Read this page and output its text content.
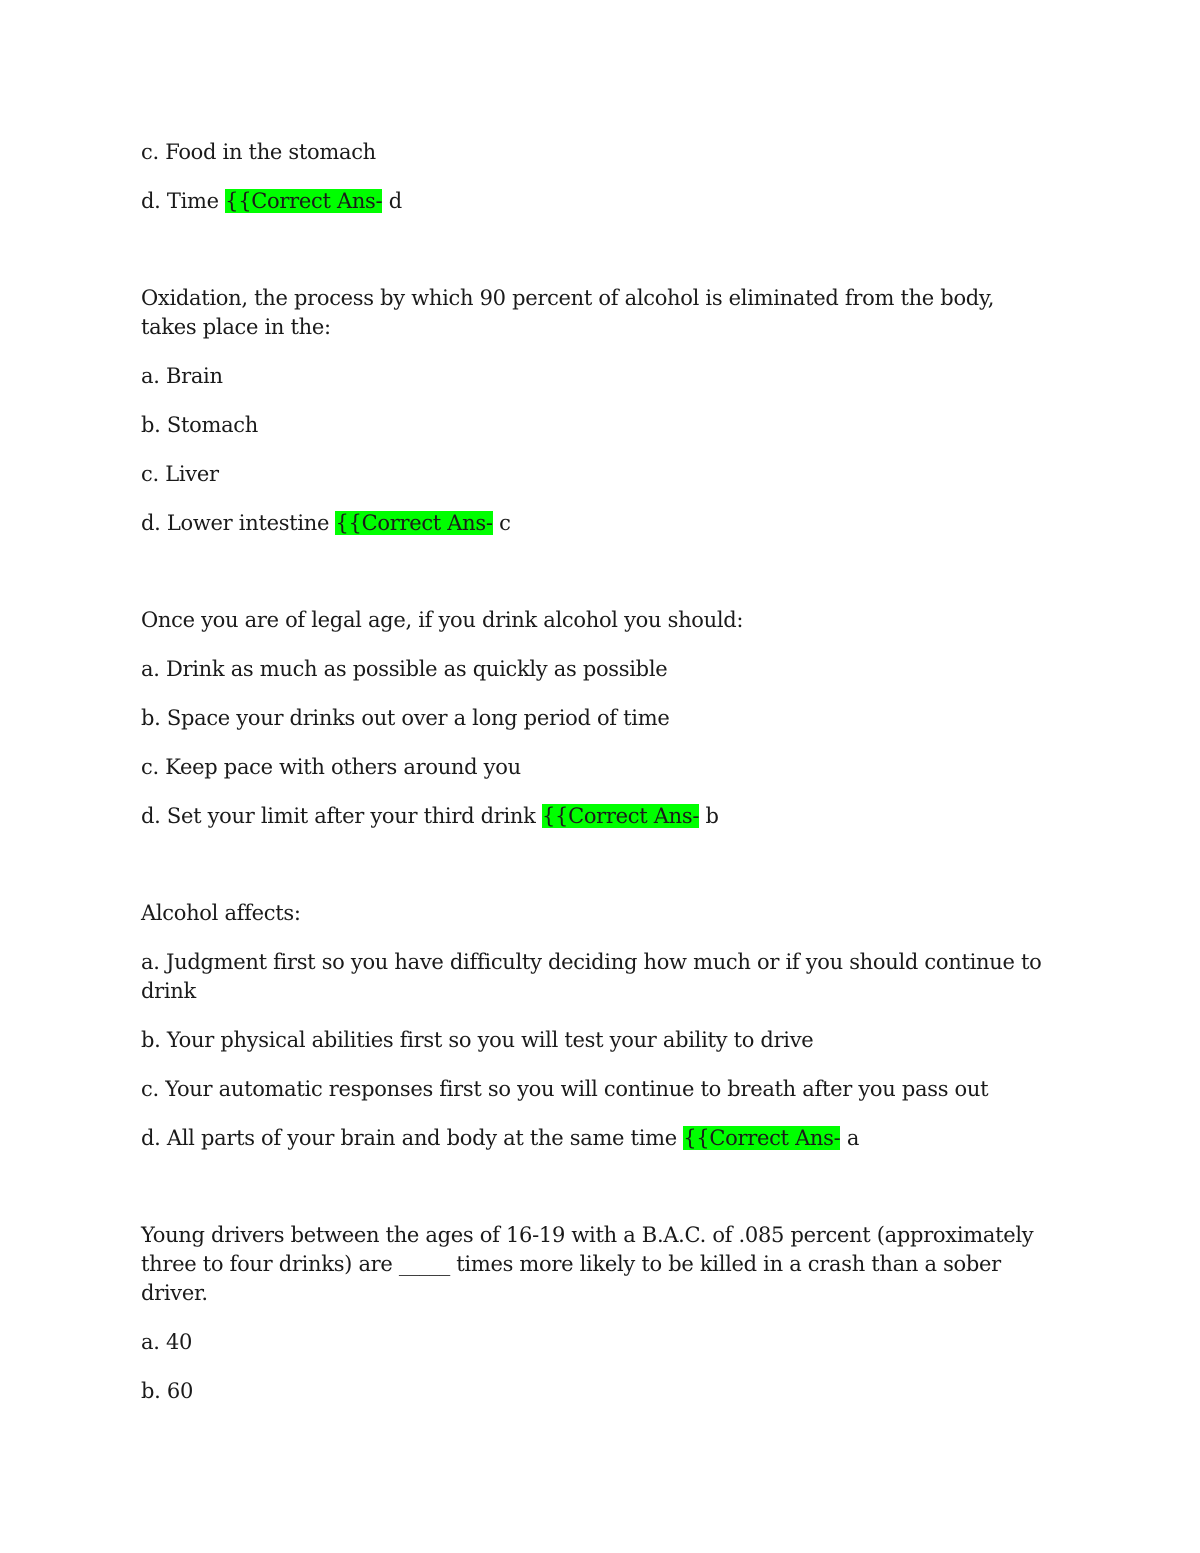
c. Food in the stomach

d. Time {{Correct Ans- d

Oxidation, the process by which 90 percent of alcohol is eliminated from the body, takes place in the:

a. Brain

b. Stomach

c. Liver

d. Lower intestine {{Correct Ans- c

Once you are of legal age, if you drink alcohol you should:

a. Drink as much as possible as quickly as possible

b. Space your drinks out over a long period of time

c. Keep pace with others around you

d. Set your limit after your third drink {{Correct Ans- b

Alcohol affects:

a. Judgment first so you have difficulty deciding how much or if you should continue to drink

b. Your physical abilities first so you will test your ability to drive

c. Your automatic responses first so you will continue to breath after you pass out

d. All parts of your brain and body at the same time {{Correct Ans- a

Young drivers between the ages of 16-19 with a B.A.C. of .085 percent (approximately three to four drinks) are _____ times more likely to be killed in a crash than a sober driver.

a. 40

b. 60
